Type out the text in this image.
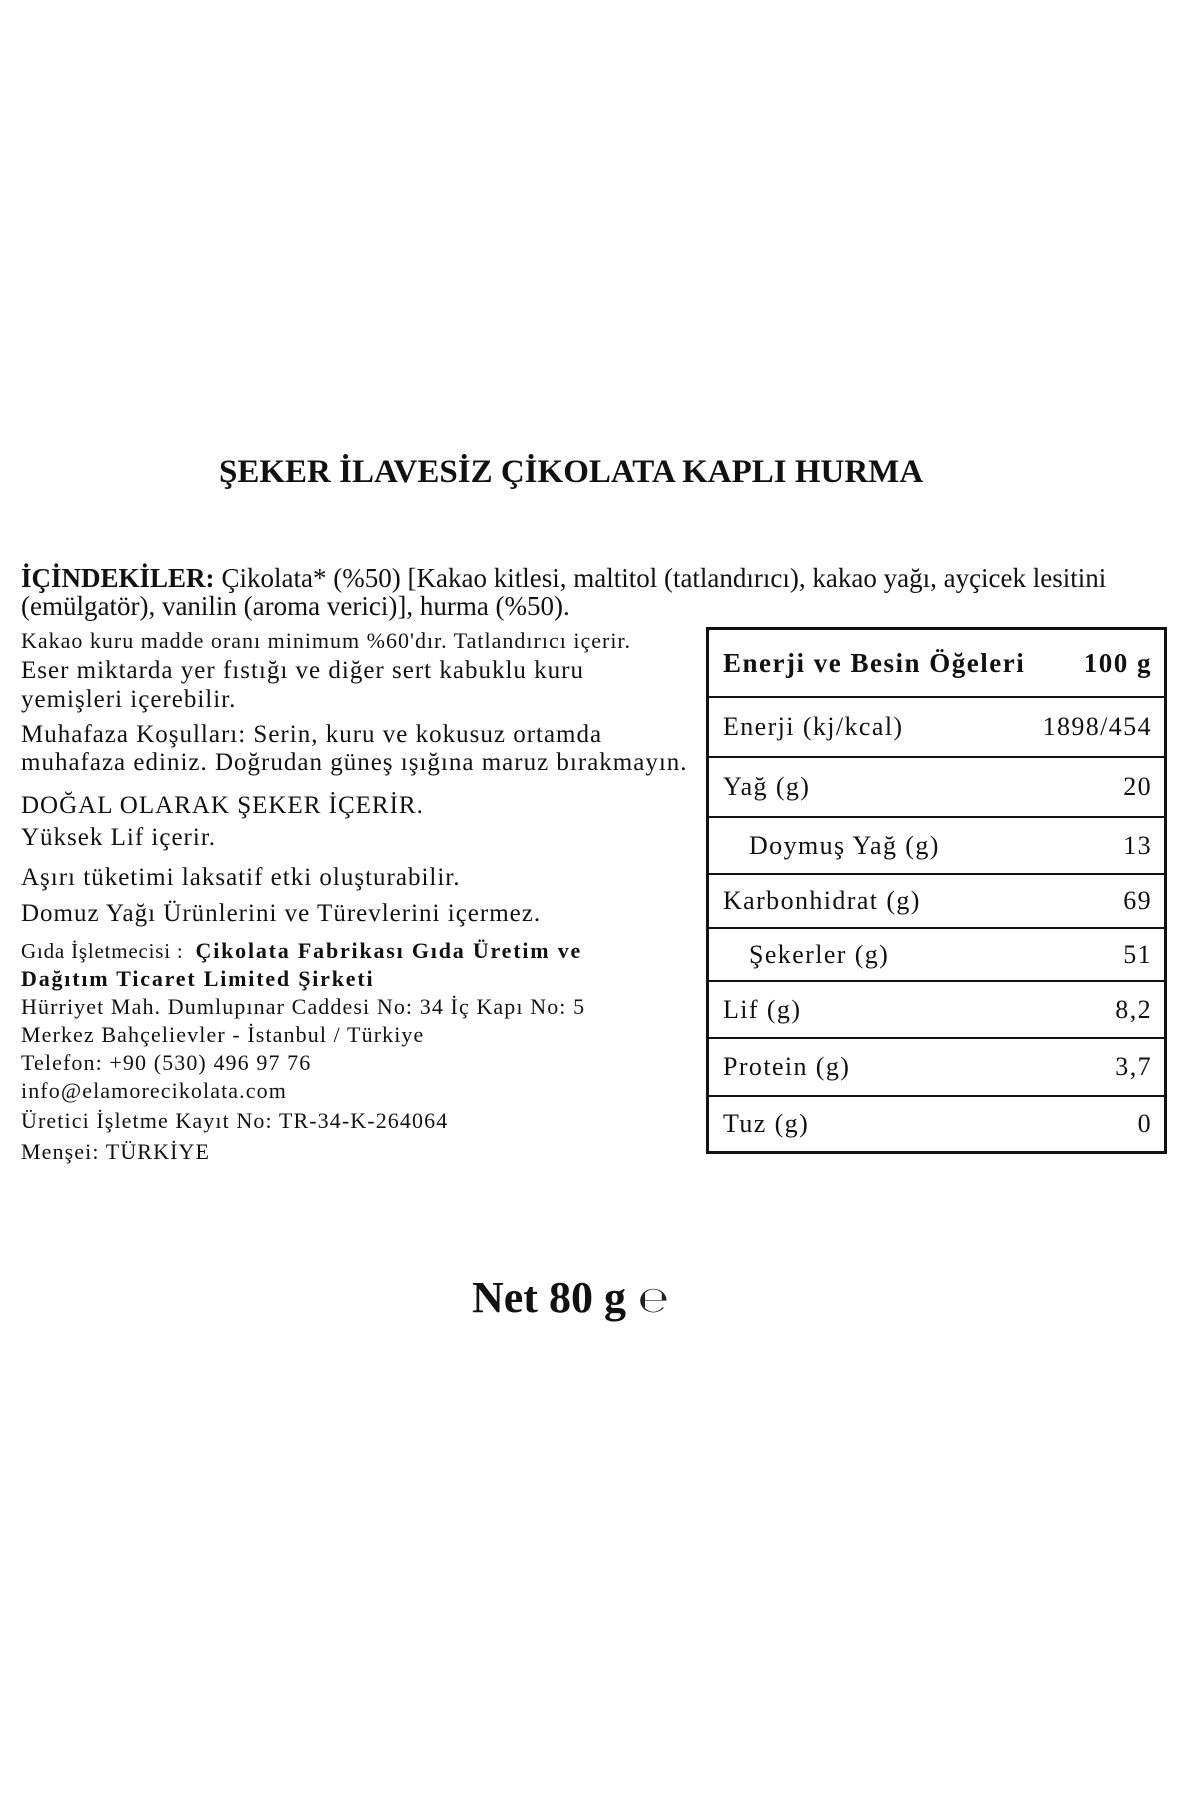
ŞEKER İLAVESİZ ÇİKOLATA KAPLI HURMA
İÇİNDEKİLER: Çikolata* (%50) [Kakao kitlesi, maltitol (tatlandırıcı), kakao yağı, ayçicek lesitini
(emülgatör), vanilin (aroma verici)], hurma (%50).
Kakao kuru madde oranı minimum %60'dır. Tatlandırıcı içerir.
Eser miktarda yer fıstığı ve diğer sert kabuklu kuru
yemişleri içerebilir.
Muhafaza Koşulları: Serin, kuru ve kokusuz ortamda
muhafaza ediniz. Doğrudan güneş ışığına maruz bırakmayın.
DOĞAL OLARAK ŞEKER İÇERİR.
Yüksek Lif içerir.
Aşırı tüketimi laksatif etki oluşturabilir.
Domuz Yağı Ürünlerini ve Türevlerini içermez.
Gıda İşletmecisi : Çikolata Fabrikası Gıda Üretim ve
Dağıtım Ticaret Limited Şirketi
Hürriyet Mah. Dumlupınar Caddesi No: 34 İç Kapı No: 5
Merkez Bahçelievler - İstanbul / Türkiye
Telefon: +90 (530) 496 97 76
info@elamorecikolata.com
Üretici İşletme Kayıt No: TR-34-K-264064
Menşei: TÜRKİYE
Enerji ve Besin Öğeleri 100 g
Enerji (kj/kcal)	1898/454
Yağ (g)	20
Doymuş Yağ (g)	13
Karbonhidrat (g)	69
Şekerler (g)	51
Lif (g)	8,2
Protein (g)	3,7
Tuz (g)	0
Net 80 g ℮
